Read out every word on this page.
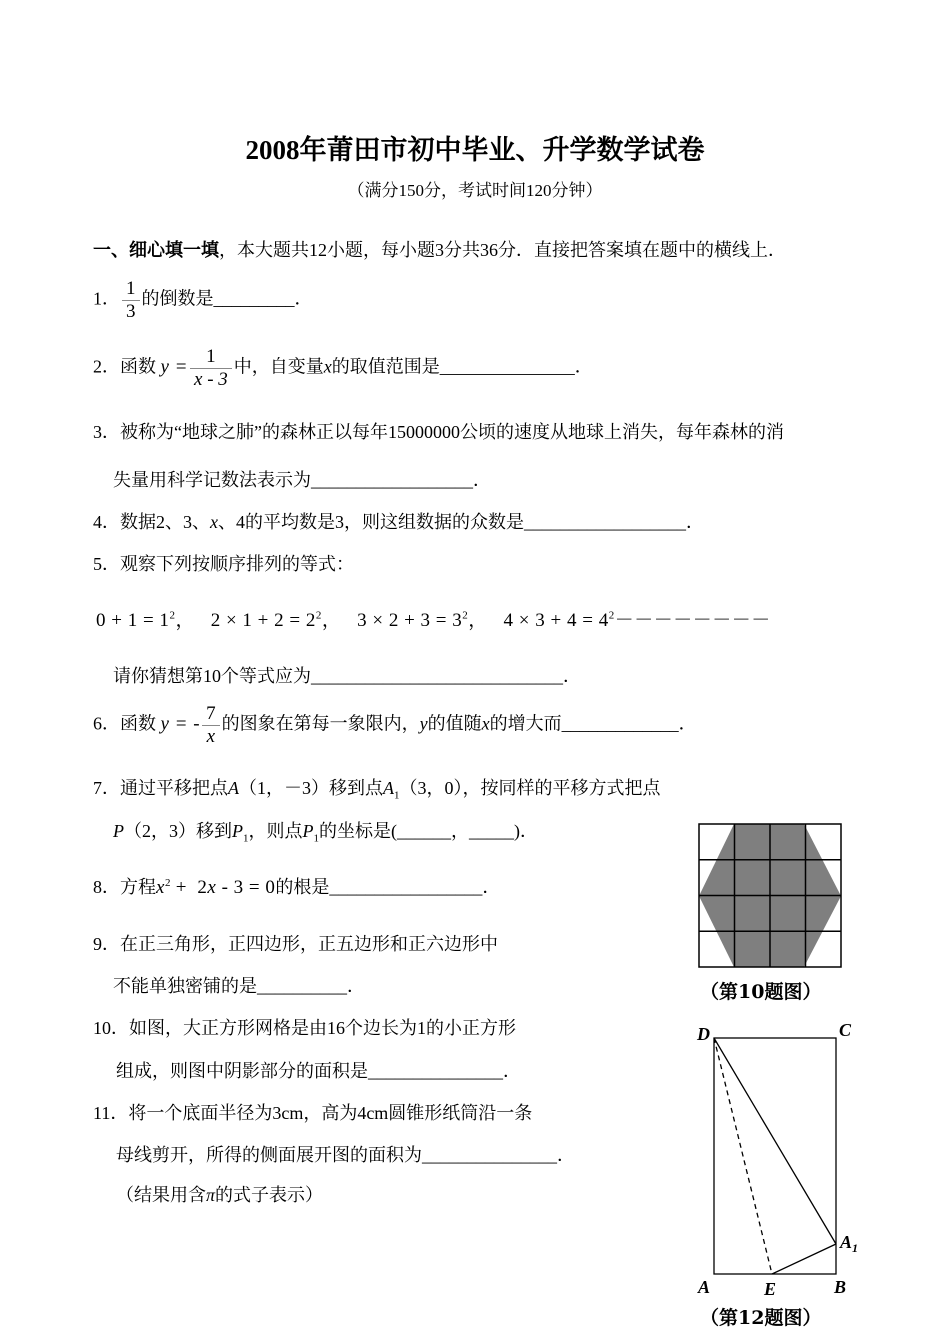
2008年莆田市初中毕业、升学数学试卷
（满分150分，考试时间120分钟）
一、细心填一填，本大题共12小题，每小题3分共36分．直接把答案填在题中的横线上．
1． $\frac{1}{3}$ 的倒数是_________．
2．函数 $y = \frac{1}{x - 3}$ 中，自变量x的取值范围是_______________．
3．被称为“地球之肺”的森林正以每年15000000公顷的速度从地球上消失，每年森林的消
失量用科学记数法表示为__________________．
4．数据2、3、x、4的平均数是3，则这组数据的众数是__________________．
5．观察下列按顺序排列的等式：
$0 + 1 = 1^2$， $2 \times 1 + 2 = 2^2$， $3 \times 2 + 3 = 3^2$， $4 \times 3 + 4 = 4^2--------$
请你猜想第10个等式应为____________________________．
6．函数 y = - $\frac{7}{x}$ 的图象在第每一象限内，y的值随x的增大而_____________．
7．通过平移把点A（1，－3）移到点$A_1(3$，0），按同样的平移方式把点
P（2，3）移到$P_1$，则点$P_1$的坐标是(______，_____)．
8．方程$x^2 + 2x - 3 = 0$的根是_________________．
9．在正三角形，正四边形，正五边形和正六边形中
不能单独密铺的是__________．
10．如图，大正方形网格是由16个边长为1的小正方形
组成，则图中阴影部分的面积是_______________．
11．将一个底面半径为3cm，高为4cm圆锥形纸筒沿一条
母线剪开，所得的侧面展开图的面积为_______________．
（结果用含π的式子表示）
（第10题图）
D	C
$A_1$
A	E	B
（第12题图）
